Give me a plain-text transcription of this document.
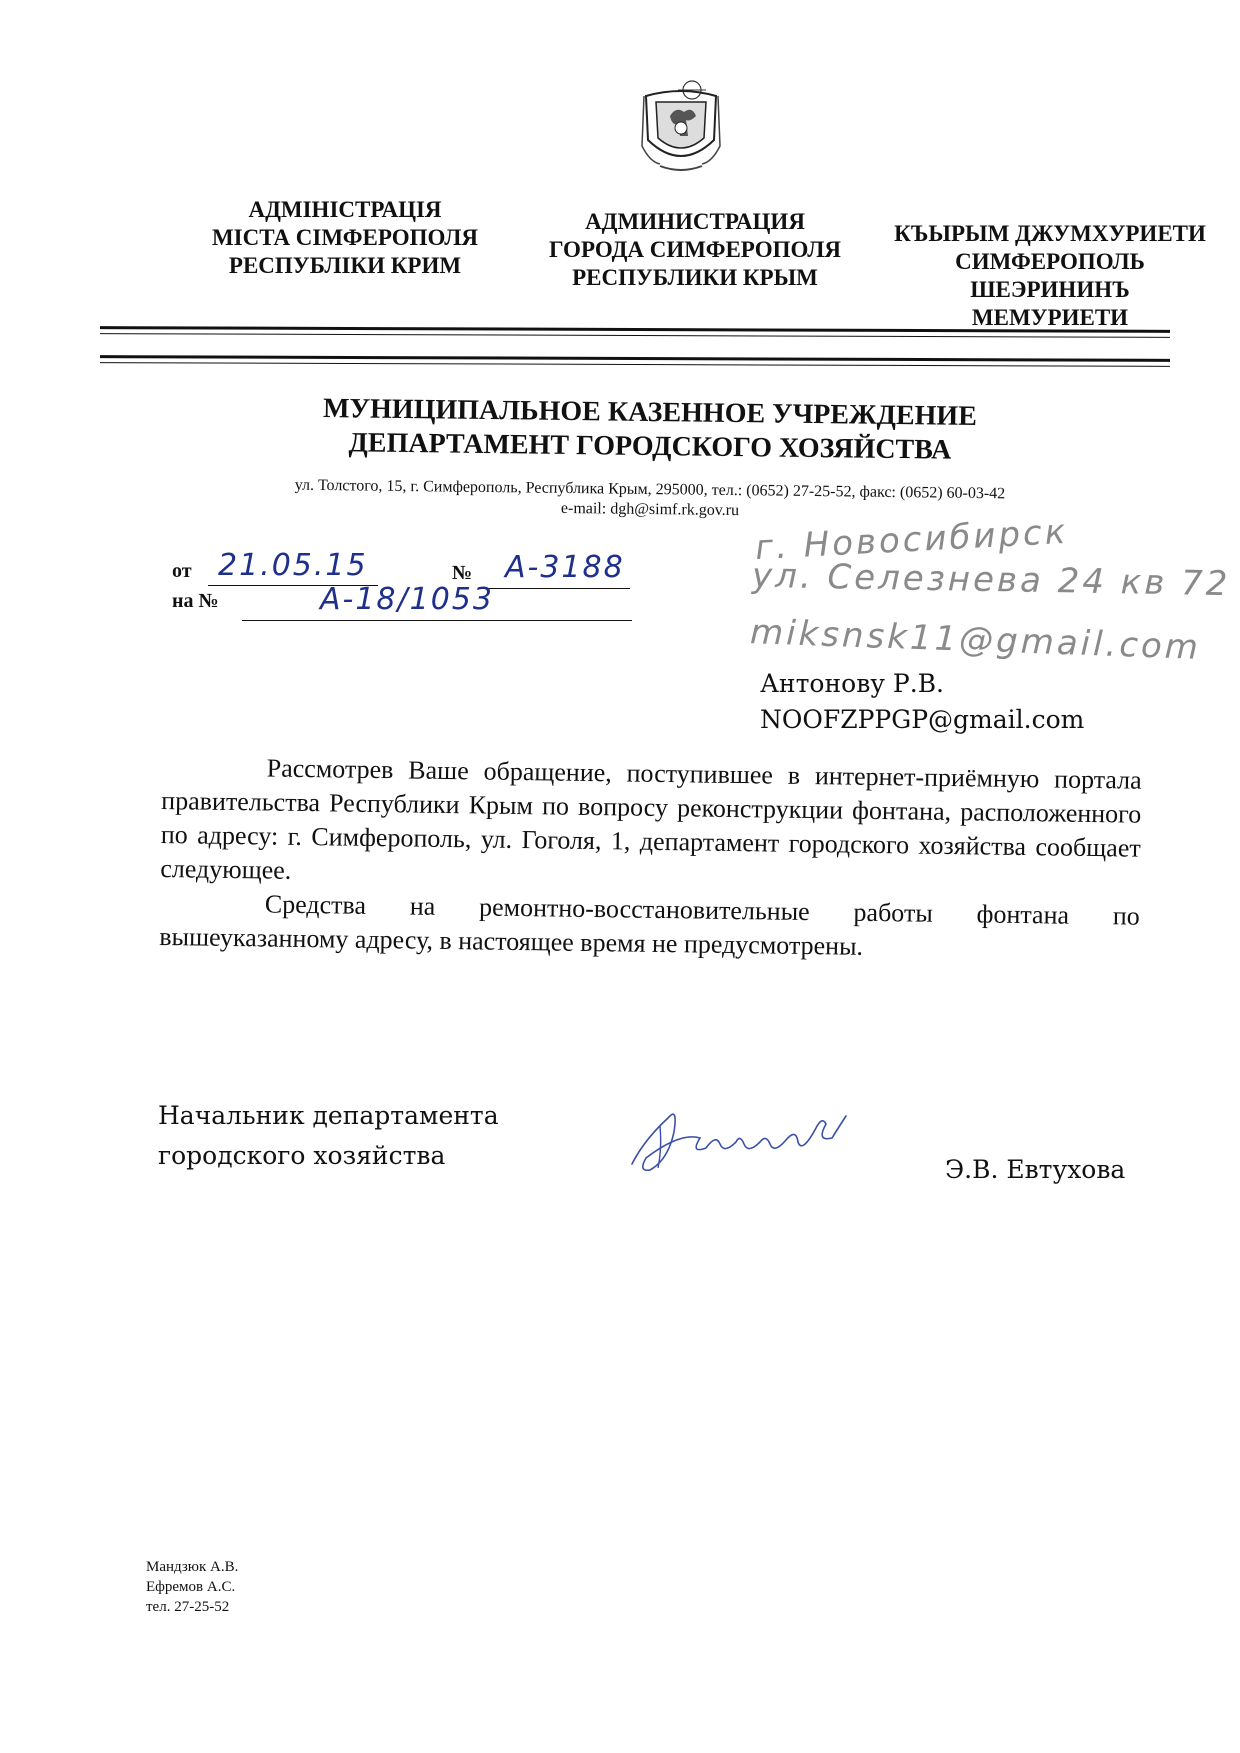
АДМІНІСТРАЦІЯ
МІСТА СІМФЕРОПОЛЯ
РЕСПУБЛІКИ КРИМ
АДМИНИСТРАЦИЯ
ГОРОДА СИМФЕРОПОЛЯ
РЕСПУБЛИКИ КРЫМ
КЪЫРЫМ ДЖУМХУРИЕТИ
СИМФЕРОПОЛЬ
ШЕЭРИНИНЪ
МЕМУРИЕТИ
МУНИЦИПАЛЬНОЕ КАЗЕННОЕ УЧРЕЖДЕНИЕ
ДЕПАРТАМЕНТ ГОРОДСКОГО ХОЗЯЙСТВА
ул. Толстого, 15, г. Симферополь, Республика Крым, 295000, тел.: (0652) 27-25-52, факс: (0652) 60-03-42
e-mail: dgh@simf.rk.gov.ru
от 21.05.15	№ А-3188
на №	А-18/1053
г. Новосибирск
ул. Селезнева 24 кв 72
miksnsk11@gmail.com
Антонову Р.В.
NOOFZPPGP@gmail.com

Рассмотрев Ваше обращение, поступившее в интернет-приёмную портала правительства Республики Крым по вопросу реконструкции фонтана, расположенного по адресу: г. Симферополь, ул. Гоголя, 1, департамент городского хозяйства сообщает следующее.

Средства на ремонтно-восстановительные работы фонтана по вышеуказанному адресу, в настоящее время не предусмотрены.

Начальник департамента
городского хозяйства	Э.В. Евтухова
Мандзюк А.В.
Ефремов А.С.
тел. 27-25-52
